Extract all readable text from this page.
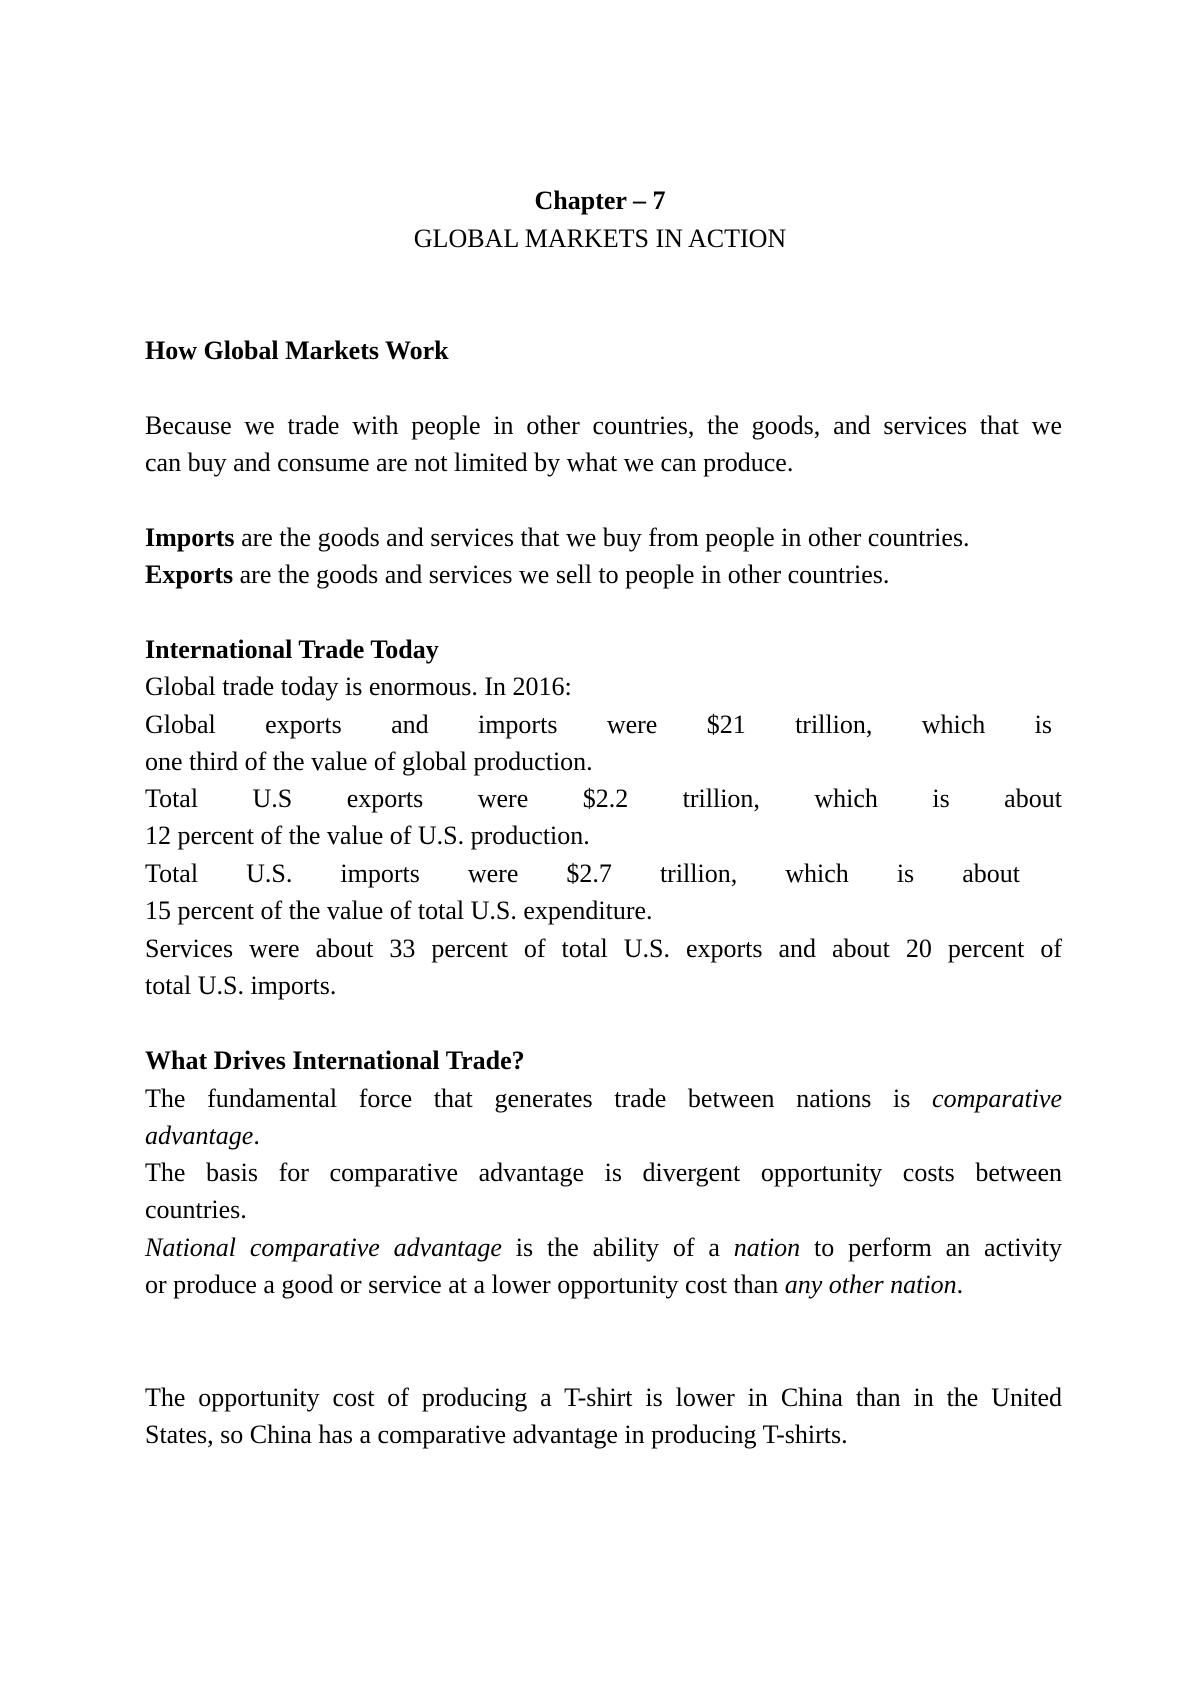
Chapter – 7
GLOBAL MARKETS IN ACTION
How Global Markets Work
Because we trade with people in other countries, the goods, and services that we
can buy and consume are not limited by what we can produce.
Imports are the goods and services that we buy from people in other countries.
Exports are the goods and services we sell to people in other countries.
International Trade Today
Global trade today is enormous. In 2016:
Global exports and imports were $21 trillion, which is
one third of the value of global production.
Total U.S exports were $2.2 trillion, which is about
12 percent of the value of U.S. production.
Total U.S. imports were $2.7 trillion, which is about
15 percent of the value of total U.S. expenditure.
Services were about 33 percent of total U.S. exports and about 20 percent of
total U.S. imports.
What Drives International Trade?
The fundamental force that generates trade between nations is comparative
advantage.
The basis for comparative advantage is divergent opportunity costs between
countries.
National comparative advantage is the ability of a nation to perform an activity
or produce a good or service at a lower opportunity cost than any other nation.
The opportunity cost of producing a T-shirt is lower in China than in the United
States, so China has a comparative advantage in producing T-shirts.
